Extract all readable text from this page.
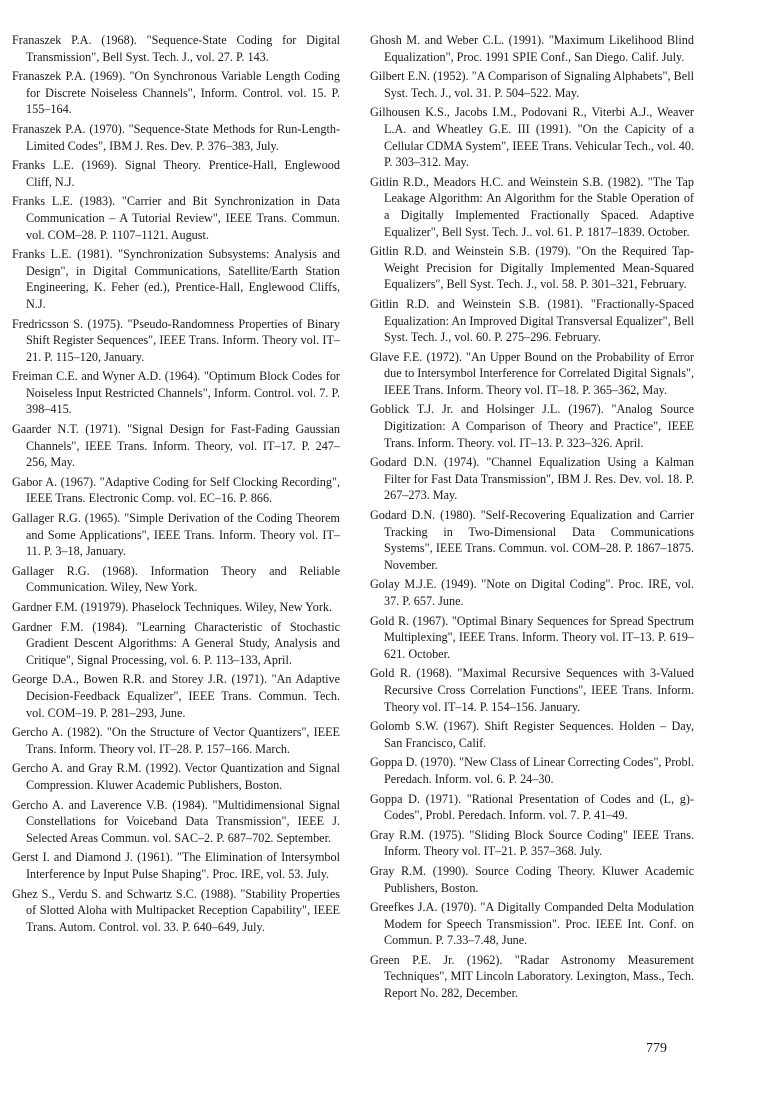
Franaszek P.A. (1968). "Sequence-State Coding for Digital Transmission", Bell Syst. Tech. J., vol. 27. P. 143.

Franaszek P.A. (1969). "On Synchronous Variable Length Coding for Discrete Noiseless Channels", Inform. Control. vol. 15. P. 155–164.

Franaszek P.A. (1970). "Sequence-State Methods for Run-Length-Limited Codes", IBM J. Res. Dev. P. 376–383, July.

Franks L.E. (1969). Signal Theory. Prentice-Hall, Englewood Cliff, N.J.

Franks L.E. (1983). "Carrier and Bit Synchronization in Data Communication – A Tutorial Review", IEEE Trans. Commun. vol. COM–28. P. 1107–1121. August.

Franks L.E. (1981). "Synchronization Subsystems: Analysis and Design", in Digital Communications, Satellite/Earth Station Engineering, K. Feher (ed.), Prentice-Hall, Englewood Cliffs, N.J.

Fredricsson S. (1975). "Pseudo-Randomness Properties of Binary Shift Register Sequences", IEEE Trans. Inform. Theory vol. IT–21. P. 115–120, January.

Freiman C.E. and Wyner A.D. (1964). "Optimum Block Codes for Noiseless Input Restricted Channels", Inform. Control. vol. 7. P. 398–415.

Gaarder N.T. (1971). "Signal Design for Fast-Fading Gaussian Channels", IEEE Trans. Inform. Theory, vol. IT–17. P. 247–256, May.

Gabor A. (1967). "Adaptive Coding for Self Clocking Recording", IEEE Trans. Electronic Comp. vol. EC–16. P. 866.

Gallager R.G. (1965). "Simple Derivation of the Coding Theorem and Some Applications", IEEE Trans. Inform. Theory vol. IT–11. P. 3–18, January.

Gallager R.G. (1968). Information Theory and Reliable Communication. Wiley, New York.

Gardner F.M. (191979). Phaselock Techniques. Wiley, New York.

Gardner F.M. (1984). "Learning Characteristic of Stochastic Gradient Descent Algorithms: A General Study, Analysis and Critique", Signal Processing, vol. 6. P. 113–133, April.

George D.A., Bowen R.R. and Storey J.R. (1971). "An Adaptive Decision-Feedback Equalizer", IEEE Trans. Commun. Tech. vol. COM–19. P. 281–293, June.

Gercho A. (1982). "On the Structure of Vector Quantizers", IEEE Trans. Inform. Theory vol. IT–28. P. 157–166. March.

Gercho A. and Gray R.M. (1992). Vector Quantization and Signal Compression. Kluwer Academic Publishers, Boston.

Gercho A. and Laverence V.B. (1984). "Multidimensional Signal Constellations for Voiceband Data Transmission", IEEE J. Selected Areas Commun. vol. SAC–2. P. 687–702. September.

Gerst I. and Diamond J. (1961). "The Elimination of Intersymbol Interference by Input Pulse Shaping". Proc. IRE, vol. 53. July.

Ghez S., Verdu S. and Schwartz S.C. (1988). "Stability Properties of Slotted Aloha with Multipacket Reception Capability", IEEE Trans. Autom. Control. vol. 33. P. 640–649, July.

Ghosh M. and Weber C.L. (1991). "Maximum Likelihood Blind Equalization", Proc. 1991 SPIE Conf., San Diego. Calif. July.

Gilbert E.N. (1952). "A Comparison of Signaling Alphabets", Bell Syst. Tech. J., vol. 31. P. 504–522. May.

Gilhousen K.S., Jacobs I.M., Podovani R., Viterbi A.J., Weaver L.A. and Wheatley G.E. III (1991). "On the Capicity of a Cellular CDMA System", IEEE Trans. Vehicular Tech., vol. 40. P. 303–312. May.

Gitlin R.D., Meadors H.C. and Weinstein S.B. (1982). "The Tap Leakage Algorithm: An Algorithm for the Stable Operation of a Digitally Implemented Fractionally Spaced. Adaptive Equalizer", Bell Syst. Tech. J.. vol. 61. P. 1817–1839. October.

Gitlin R.D. and Weinstein S.B. (1979). "On the Required Tap-Weight Precision for Digitally Implemented Mean-Squared Equalizers", Bell Syst. Tech. J., vol. 58. P. 301–321, February.

Gitlin R.D. and Weinstein S.B. (1981). "Fractionally-Spaced Equalization: An Improved Digital Transversal Equalizer", Bell Syst. Tech. J., vol. 60. P. 275–296. February.

Glave F.E. (1972). "An Upper Bound on the Probability of Error due to Intersymbol Interference for Correlated Digital Signals", IEEE Trans. Inform. Theory vol. IT–18. P. 365–362, May.

Goblick T.J. Jr. and Holsinger J.L. (1967). "Analog Source Digitization: A Comparison of Theory and Practice", IEEE Trans. Inform. Theory. vol. IT–13. P. 323–326. April.

Godard D.N. (1974). "Channel Equalization Using a Kalman Filter for Fast Data Transmission", IBM J. Res. Dev. vol. 18. P. 267–273. May.

Godard D.N. (1980). "Self-Recovering Equalization and Carrier Tracking in Two-Dimensional Data Communications Systems", IEEE Trans. Commun. vol. COM–28. P. 1867–1875. November.

Golay M.J.E. (1949). "Note on Digital Coding". Proc. IRE, vol. 37. P. 657. June.

Gold R. (1967). "Optimal Binary Sequences for Spread Spectrum Multiplexing", IEEE Trans. Inform. Theory vol. IT–13. P. 619–621. October.

Gold R. (1968). "Maximal Recursive Sequences with 3-Valued Recursive Cross Correlation Functions", IEEE Trans. Inform. Theory vol. IT–14. P. 154–156. January.

Golomb S.W. (1967). Shift Register Sequences. Holden – Day, San Francisco, Calif.

Goppa D. (1970). "New Class of Linear Correcting Codes", Probl. Peredach. Inform. vol. 6. P. 24–30.

Goppa D. (1971). "Rational Presentation of Codes and (L, g)-Codes", Probl. Peredach. Inform. vol. 7. P. 41–49.

Gray R.M. (1975). "Sliding Block Source Coding" IEEE Trans. Inform. Theory vol. IT–21. P. 357–368. July.

Gray R.M. (1990). Source Coding Theory. Kluwer Academic Publishers, Boston.

Greefkes J.A. (1970). "A Digitally Companded Delta Modulation Modem for Speech Transmission". Proc. IEEE Int. Conf. on Commun. P. 7.33–7.48, June.

Green P.E. Jr. (1962). "Radar Astronomy Measurement Techniques", MIT Lincoln Laboratory. Lexington, Mass., Tech. Report No. 282, December.

779
